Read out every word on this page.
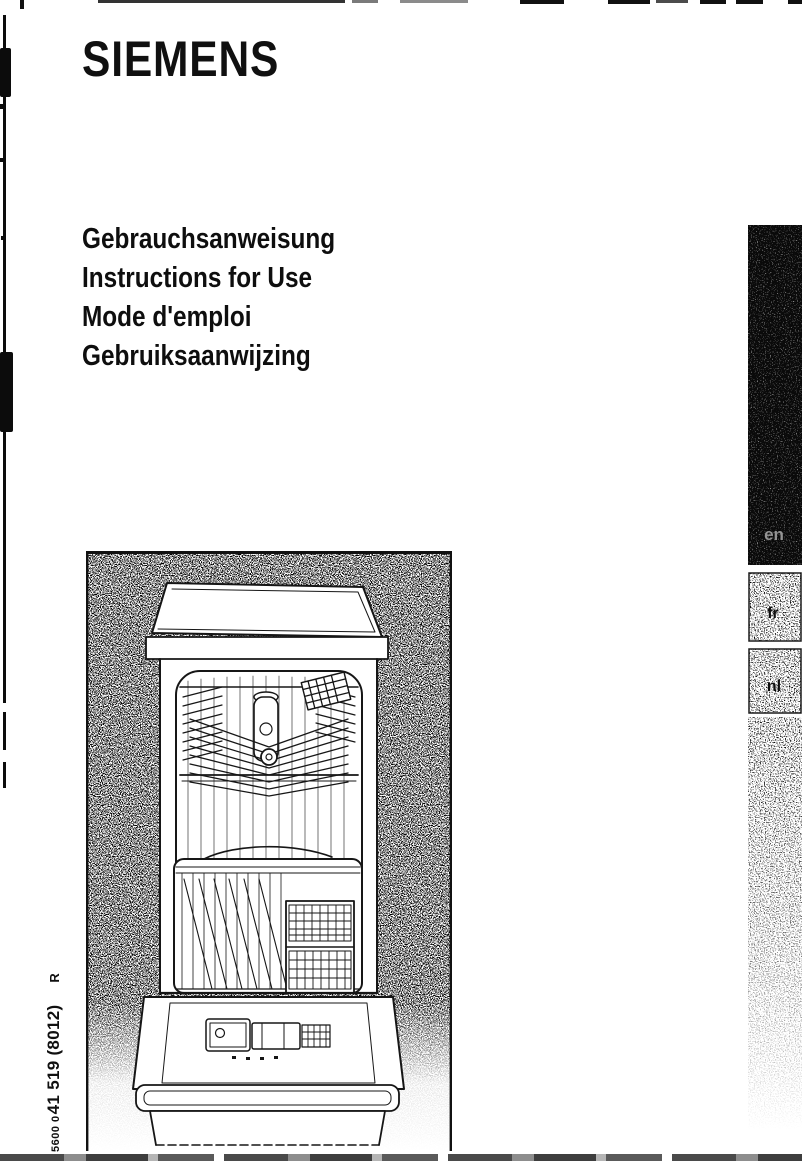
SIEMENS
Gebrauchsanweisung
Instructions for Use
Mode d'emploi
Gebruiksaanwijzing
en
fr
nl
5600 0
41 519 (8012)
R
